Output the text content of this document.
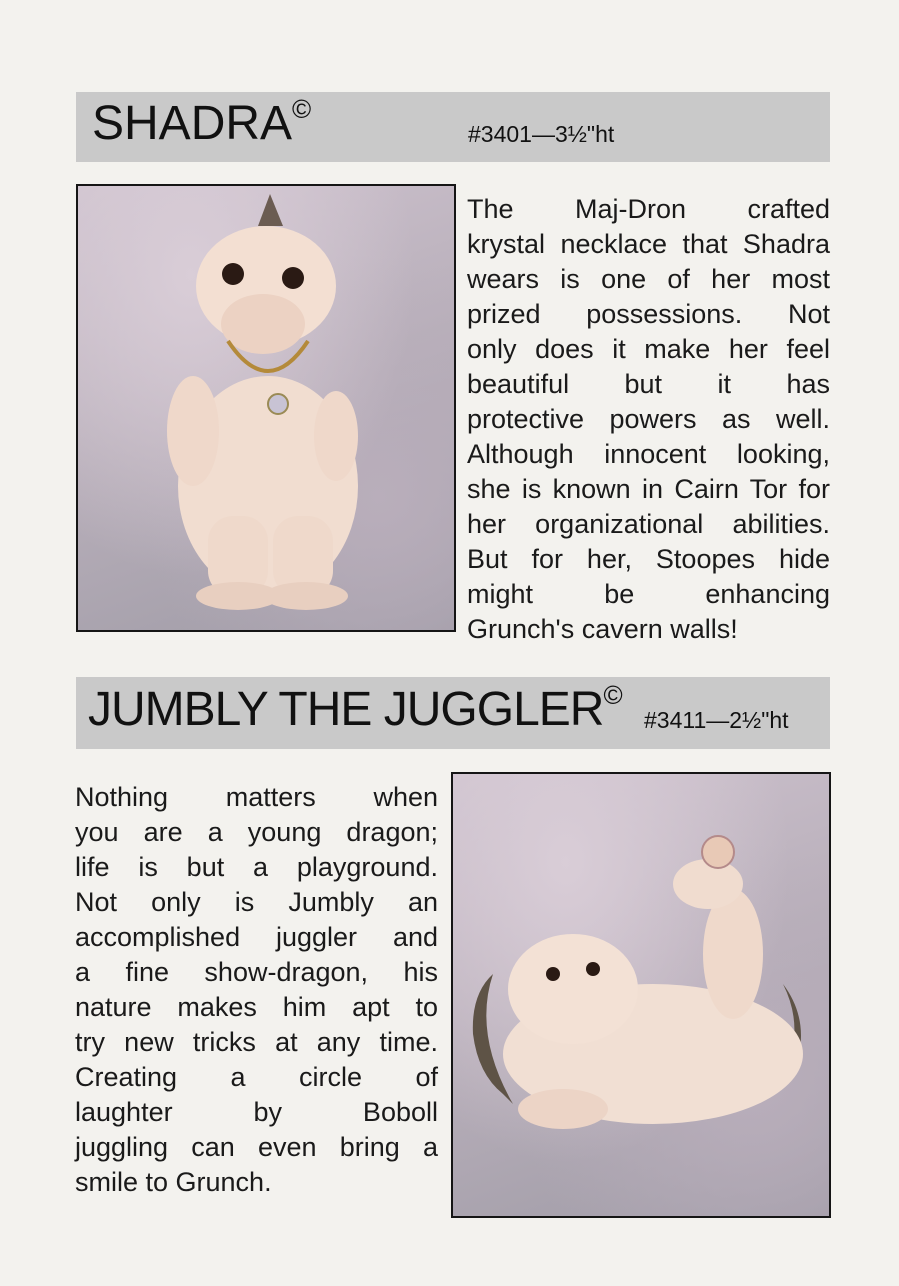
SHADRA©
#3401—3½"ht
The Maj-Dron crafted
krystal necklace that Shadra
wears is one of her most
prized possessions. Not
only does it make her feel
beautiful but it has
protective powers as well.
Although innocent looking,
she is known in Cairn Tor for
her organizational abilities.
But for her, Stoopes hide
might be enhancing
Grunch's cavern walls!
JUMBLY THE JUGGLER©
#3411—2½"ht
Nothing matters when
you are a young dragon;
life is but a playground.
Not only is Jumbly an
accomplished juggler and
a fine show-dragon, his
nature makes him apt to
try new tricks at any time.
Creating a circle of
laughter by Boboll
juggling can even bring a
smile to Grunch.
